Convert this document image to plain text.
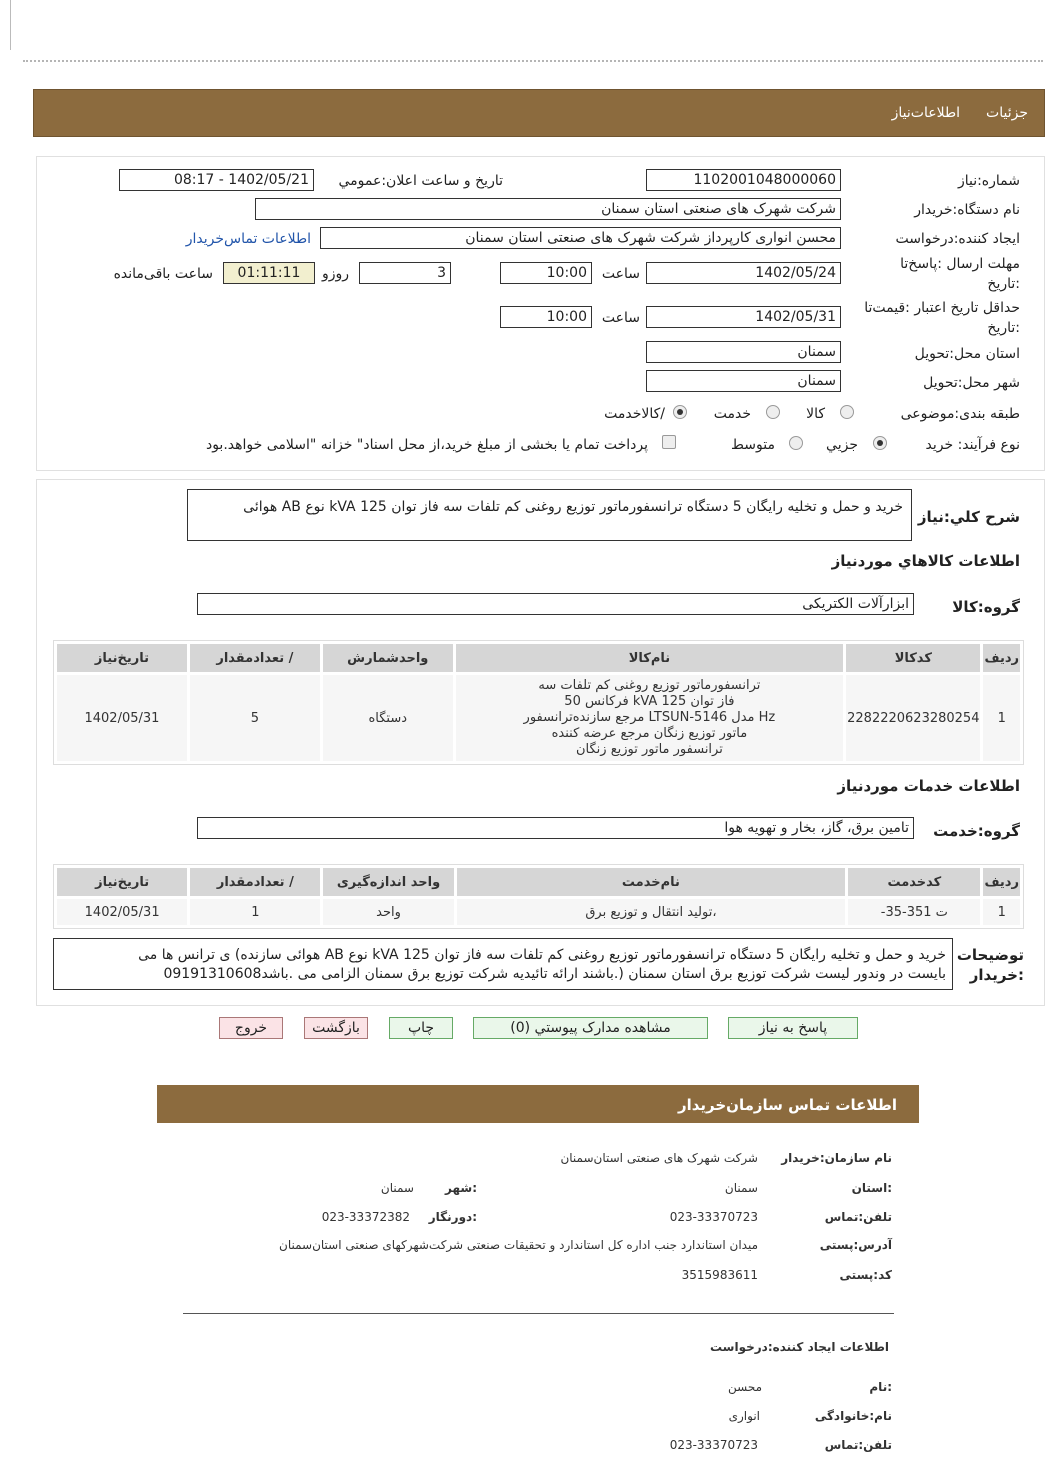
جزئیات
اطلاعات‌نیاز
شماره:نیاز
1102001048000060
تاریخ و ساعت اعلان:عمومي
1402/05/21 - 08:17
نام دستگاه:خریدار
شرکت شهرک های صنعتی استان سمنان
ایجاد کننده:درخواست
محسن انواری کارپرداز شرکت شهرک های صنعتی استان سمنان
اطلاعات تماس‌خریدار
مهلت ارسال :پاسخ‌تا
:تاریخ
1402/05/24
ساعت
10:00
3
روزو
01:11:11
ساعت باقی‌مانده
حداقل تاریخ اعتبار :قیمت‌تا
:تاریخ
1402/05/31
ساعت
10:00
استان محل:تحویل
سمنان
شهر محل:تحویل
سمنان
طبقه بندی:موضوعی
کالا
خدمت
/کالاخدمت
نوع فرآیند: خرید
جزیي
متوسط
پرداخت تمام یا بخشی از مبلغ خرید،از محل اسناد" خزانه "اسلامی خواهد.بود
شرح کلي:نیاز
خرید و حمل و تخلیه رایگان 5 دستگاه ترانسفورماتور توزیع روغنی کم تلفات سه فاز توان 125 kVA نوع AB هوائی
اطلاعات کالاهاي موردنیاز
گروه:کالا
ابزارآلات الکتریکی
ردیف	کدکالا	نام‌کالا	واحدشمارش	/ تعدادمقدار	تاریخ‌نیاز
1	2282220623280254	ترانسفورماتور توزیع روغنی کم تلفات سه
فاز توان 125 kVA فرکانس 50
Hz مدل LTSUN-5146 مرجع سازنده‌ترانسفور
ماتور توزیع زنگان مرجع عرضه کننده
ترانسفور ماتور توزیع زنگان	دستگاه	5	1402/05/31
اطلاعات خدمات موردنیاز
گروه:خدمت
تامین برق، گاز، بخار و تهویه هوا
ردیف	کدخدمت	نام‌خدمت	واحد اندازه‌گیری	/ تعدادمقدار	تاریخ‌نیاز
1	ت 351-35-	،تولید انتقال و توزیع برق	واحد	1	1402/05/31
توضیحات
:خریدار
خرید و حمل و تخلیه رایگان 5 دستگاه ترانسفورماتور توزیع روغنی کم تلفات سه فاز توان 125 kVA نوع AB هوائی سازنده) ی ترانس ها می
بایست در وندور لیست شرکت توزیع برق استان سمنان (.باشند ارائه تائیدیه شرکت توزیع برق سمنان الزامی می .باشد09191310608
پاسخ به نیاز
مشاهده مدارک پیوستي (0)
چاپ
بازگشت
خروج
اطلاعات تماس سازمان‌خریدار
نام سازمان:خریدار
شرکت شهرک های صنعتی استان‌سمنان
:استان
سمنان
:شهر
سمنان
تلفن:تماس
023-33370723
:دورنگار
023-33372382
آدرس:پستی
میدان استاندارد جنب اداره کل استاندارد و تحقیقات صنعتی شرکت‌شهرکهای صنعتی استان‌سمنان
کد:پستی
3515983611
اطلاعات ایجاد کننده:درخواست
:نام
محسن
نام:خانوادگی
انواری
تلفن:تماس
023-33370723
